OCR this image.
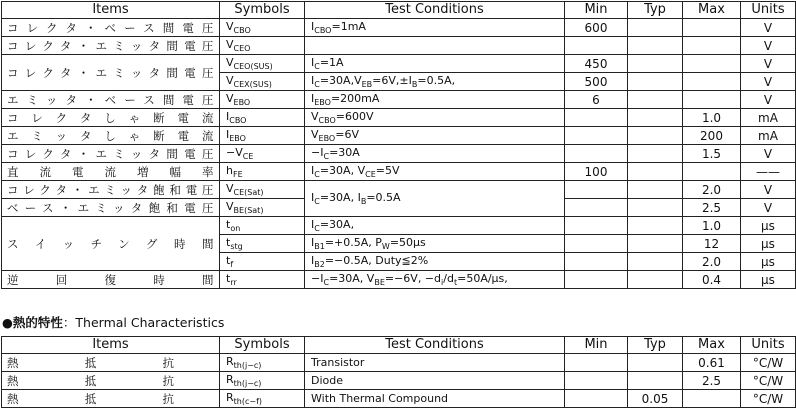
Items	Symbols	Test Conditions	Min	Typ	Max	Units
コレクタ・ベース間電圧	$V_{CBO}$	$I_{CBO}=1mA$	600			V
コレクタ・エミッタ間電圧	$V_{CEO}$					V
コレクタ・エミッタ間電圧	$V_{CEO(SUS)}$	$I_C=1A$	450			V
	$V_{CEX(SUS)}$	$I_C=30A,V_{EB}=6V,\pm I_B=0.5A$,	500			V
エミッタ・ベース間電圧	$V_{EBO}$	$I_{EBO}=200mA$	6			V
コレクタしゃ断電流	$I_{CBO}$	$V_{CBO}=600V$			1.0	mA
エミッタしゃ断電流	$I_{EBO}$	$V_{EBO}=6V$			200	mA
コレクタ・エミッタ間電圧	$-V_{CE}$	$-I_C=30A$			1.5	V
直流電流増幅率	$h_{FE}$	$I_C=30A$, $V_{CE}=5V$	100			——
コレクタ・エミッタ飽和電圧	$V_{CE(Sat)}$	$I_C=30A$, $I_B=0.5A$			2.0	V
ベース・エミッタ飽和電圧	$V_{BE(Sat)}$				2.5	V
スイッチング時間	$t_{on}$	$I_C=30A$,			1.0	μs
	$t_{stg}$	$I_{B1}=+0.5A$, $P_W=50\mu s$			12	μs
	$t_f$	$I_{B2}=-0.5A$, Duty≦2%			2.0	μs
逆回復時間	$t_{rr}$	$-I_C=30A$, $V_{BE}=-6V$, $-d_i/d_t=50A/\mu s$,			0.4	μs
●熱的特性：Thermal Characteristics
Items	Symbols	Test Conditions	Min	Typ	Max	Units
熱抵抗	$R_{th(j-c)}$	Transistor			0.61	°C/W
熱抵抗	$R_{th(j-c)}$	Diode			2.5	°C/W
熱抵抗	$R_{th(c-f)}$	With Thermal Compound		0.05		°C/W
